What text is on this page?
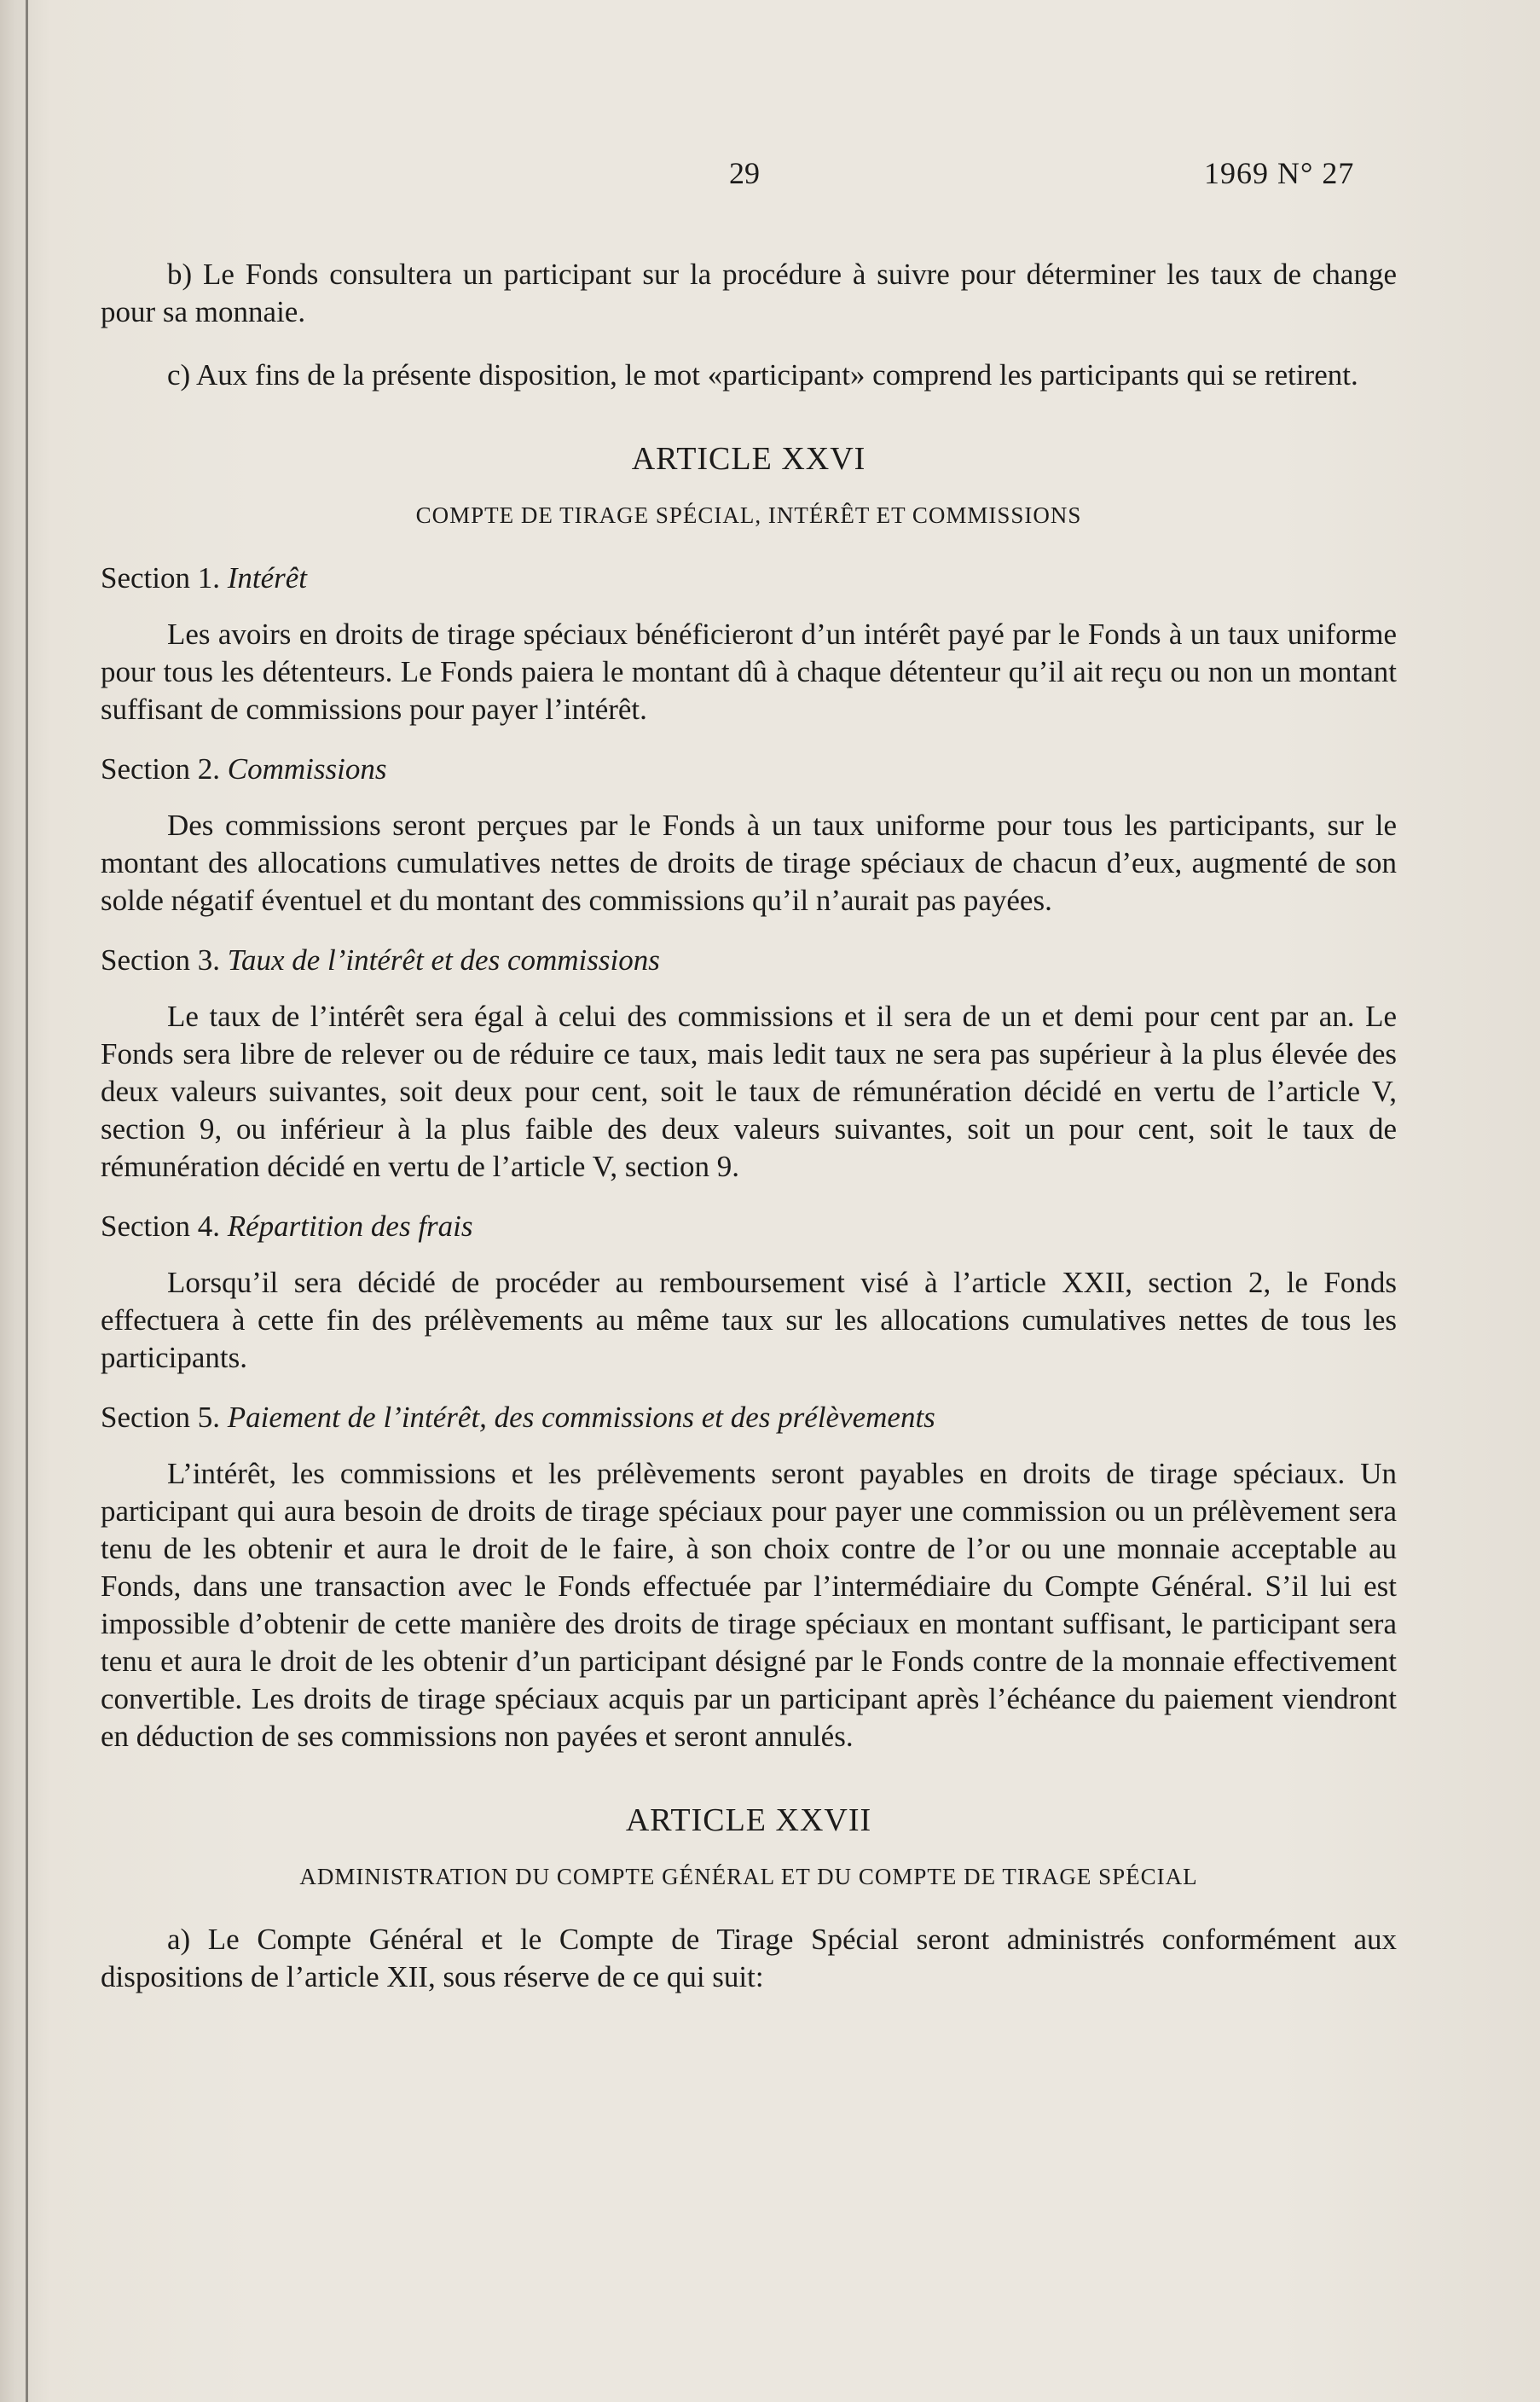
29	1969 N° 27

b) Le Fonds consultera un participant sur la procédure à suivre pour déterminer les taux de change pour sa monnaie.

c) Aux fins de la présente disposition, le mot «participant» comprend les participants qui se retirent.

ARTICLE XXVI
COMPTE DE TIRAGE SPÉCIAL, INTÉRÊT ET COMMISSIONS
Section 1. Intérêt

Les avoirs en droits de tirage spéciaux bénéficieront d’un intérêt payé par le Fonds à un taux uniforme pour tous les détenteurs. Le Fonds paiera le montant dû à chaque détenteur qu’il ait reçu ou non un montant suffisant de commissions pour payer l’intérêt.

Section 2. Commissions

Des commissions seront perçues par le Fonds à un taux uniforme pour tous les participants, sur le montant des allocations cumulatives nettes de droits de tirage spéciaux de chacun d’eux, augmenté de son solde négatif éventuel et du montant des commissions qu’il n’aurait pas payées.

Section 3. Taux de l’intérêt et des commissions

Le taux de l’intérêt sera égal à celui des commissions et il sera de un et demi pour cent par an. Le Fonds sera libre de relever ou de réduire ce taux, mais ledit taux ne sera pas supérieur à la plus élevée des deux valeurs suivantes, soit deux pour cent, soit le taux de rémunération décidé en vertu de l’article V, section 9, ou inférieur à la plus faible des deux valeurs suivantes, soit un pour cent, soit le taux de rémunération décidé en vertu de l’article V, section 9.

Section 4. Répartition des frais

Lorsqu’il sera décidé de procéder au remboursement visé à l’article XXII, section 2, le Fonds effectuera à cette fin des prélèvements au même taux sur les allocations cumulatives nettes de tous les participants.

Section 5. Paiement de l’intérêt, des commissions et des prélèvements

L’intérêt, les commissions et les prélèvements seront payables en droits de tirage spéciaux. Un participant qui aura besoin de droits de tirage spéciaux pour payer une commission ou un prélèvement sera tenu de les obtenir et aura le droit de le faire, à son choix contre de l’or ou une monnaie acceptable au Fonds, dans une transaction avec le Fonds effectuée par l’intermédiaire du Compte Général. S’il lui est impossible d’obtenir de cette manière des droits de tirage spéciaux en montant suffisant, le participant sera tenu et aura le droit de les obtenir d’un participant désigné par le Fonds contre de la monnaie effectivement convertible. Les droits de tirage spéciaux acquis par un participant après l’échéance du paiement viendront en déduction de ses commissions non payées et seront annulés.

ARTICLE XXVII
ADMINISTRATION DU COMPTE GÉNÉRAL ET DU COMPTE DE TIRAGE SPÉCIAL

a) Le Compte Général et le Compte de Tirage Spécial seront administrés conformément aux dispositions de l’article XII, sous réserve de ce qui suit:
